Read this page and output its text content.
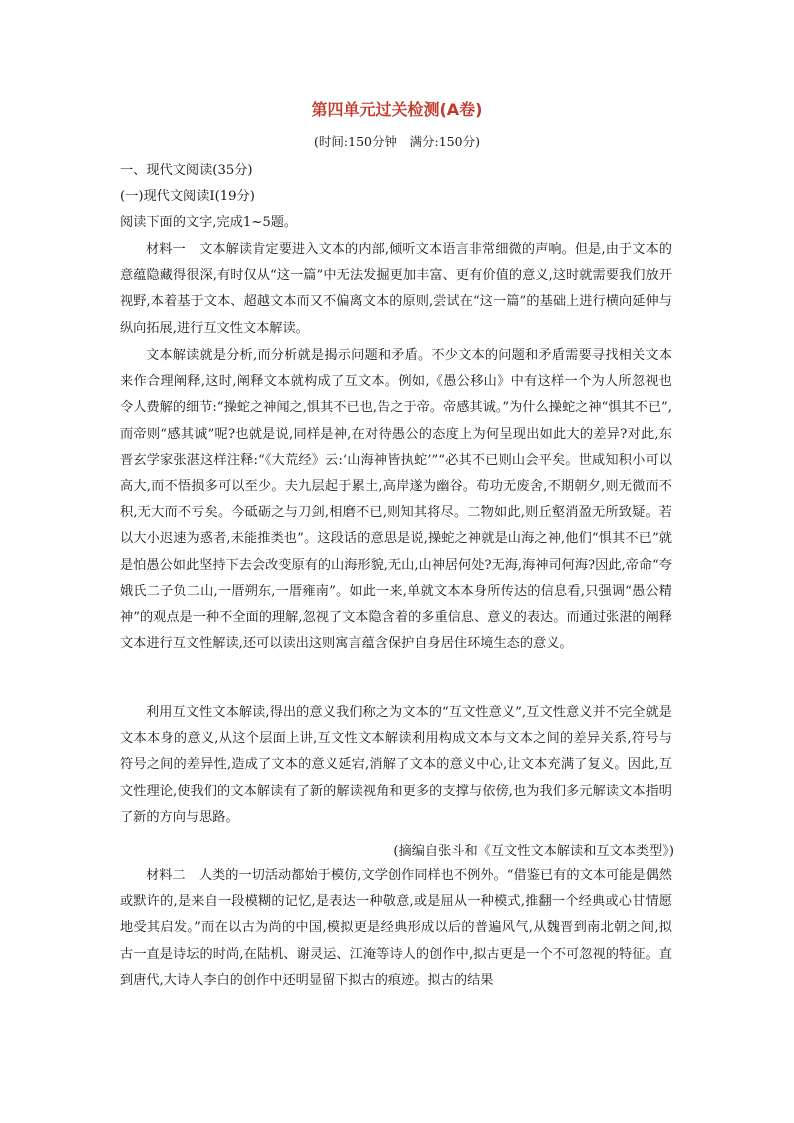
第四单元过关检测(A卷)
(时间:150分钟　满分:150分)
一、现代文阅读(35分)
(一)现代文阅读Ⅰ(19分)
阅读下面的文字,完成1~5题。
材料一　文本解读肯定要进入文本的内部,倾听文本语言非常细微的声响。但是,由于文本的意蕴隐藏得很深,有时仅从“这一篇”中无法发掘更加丰富、更有价值的意义,这时就需要我们放开视野,本着基于文本、超越文本而又不偏离文本的原则,尝试在“这一篇”的基础上进行横向延伸与纵向拓展,进行互文性文本解读。
文本解读就是分析,而分析就是揭示问题和矛盾。不少文本的问题和矛盾需要寻找相关文本来作合理阐释,这时,阐释文本就构成了互文本。例如,《愚公移山》中有这样一个为人所忽视也令人费解的细节:“操蛇之神闻之,惧其不已也,告之于帝。帝感其诚。”为什么操蛇之神“惧其不已”,而帝则“感其诚”呢?也就是说,同样是神,在对待愚公的态度上为何呈现出如此大的差异?对此,东晋玄学家张湛这样注释:“《大荒经》云:‘山海神皆执蛇’”“必其不已则山会平矣。世咸知积小可以高大,而不悟损多可以至少。夫九层起于累土,高岸遂为幽谷。苟功无废舍,不期朝夕,则无微而不积,无大而不亏矣。今砥砺之与刀剑,相磨不已,则知其将尽。二物如此,则丘壑消盈无所致疑。若以大小迟速为惑者,未能推类也”。这段话的意思是说,操蛇之神就是山海之神,他们“惧其不已”就是怕愚公如此坚持下去会改变原有的山海形貌,无山,山神居何处?无海,海神司何海?因此,帝命“夸娥氏二子负二山,一厝朔东,一厝雍南”。如此一来,单就文本本身所传达的信息看,只强调“愚公精神”的观点是一种不全面的理解,忽视了文本隐含着的多重信息、意义的表达。而通过张湛的阐释文本进行互文性解读,还可以读出这则寓言蕴含保护自身居住环境生态的意义。
利用互文性文本解读,得出的意义我们称之为文本的“互文性意义”,互文性意义并不完全就是文本本身的意义,从这个层面上讲,互文性文本解读利用构成文本与文本之间的差异关系,符号与符号之间的差异性,造成了文本的意义延宕,消解了文本的意义中心,让文本充满了复义。因此,互文性理论,使我们的文本解读有了新的解读视角和更多的支撑与依傍,也为我们多元解读文本指明了新的方向与思路。
(摘编自张斗和《互文性文本解读和互文本类型》)
材料二　人类的一切活动都始于模仿,文学创作同样也不例外。“借鉴已有的文本可能是偶然或默许的,是来自一段模糊的记忆,是表达一种敬意,或是屈从一种模式,推翻一个经典或心甘情愿地受其启发。”而在以古为尚的中国,模拟更是经典形成以后的普遍风气,从魏晋到南北朝之间,拟古一直是诗坛的时尚,在陆机、谢灵运、江淹等诗人的创作中,拟古更是一个不可忽视的特征。直到唐代,大诗人李白的创作中还明显留下拟古的痕迹。拟古的结果
